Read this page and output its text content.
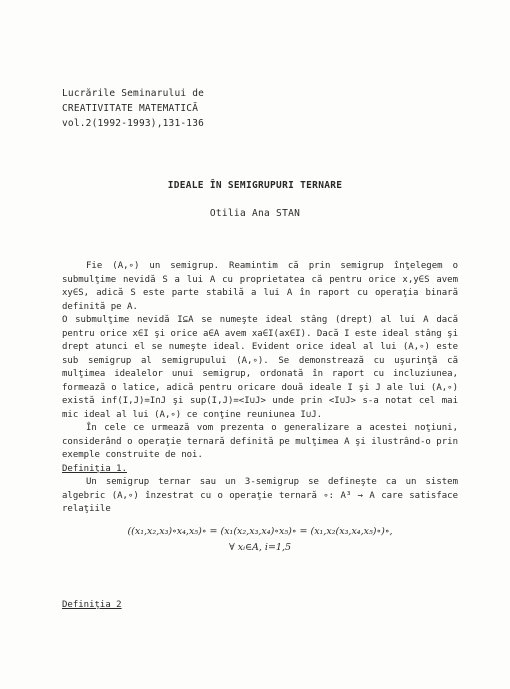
Lucrările Seminarului de
CREATIVITATE MATEMATICĂ
vol.2(1992-1993),131-136
IDEALE ÎN SEMIGRUPURI TERNARE
Otilia Ana STAN

Fie (A,∘) un semigrup. Reamintim că prin semigrup înţelegem o submulţime nevidă S a lui A cu proprietatea că pentru orice x,y∈S avem xy∈S, adică S este parte stabilă a lui A în raport cu operaţia binară definită pe A.

O submulţime nevidă I⊆A se numeşte ideal stâng (drept) al lui A dacă pentru orice x∈I şi orice a∈A avem xa∈I(ax∈I). Dacă I este ideal stâng şi drept atunci el se numeşte ideal. Evident orice ideal al lui (A,∘) este sub semigrup al semigrupului (A,∘). Se demonstrează cu uşurinţă că mulţimea idealelor unui semigrup, ordonată în raport cu incluziunea, formează o latice, adică pentru oricare două ideale I şi J ale lui (A,∘) există inf(I,J)=I∩J şi sup(I,J)=<I∪J> unde prin <I∪J> s-a notat cel mai mic ideal al lui (A,∘) ce conţine reuniunea I∪J.

În cele ce urmează vom prezenta o generalizare a acestei noţiuni, considerând o operaţie ternară definită pe mulţimea A şi ilustrând-o prin exemple construite de noi.

Definiţia 1.

Un semigrup ternar sau un 3-semigrup se defineşte ca un sistem algebric (A,∘) înzestrat cu o operaţie ternară ∘: A³ → A care satisface relaţiile

((x₁,x₂,x₃)∘x₄,x₅)∘ = (x₁(x₂,x₃,x₄)∘x₅)∘ = (x₁,x₂(x₃,x₄,x₅)∘)∘,
∀ xᵢ∈A, i=1,5
Definiţia 2
